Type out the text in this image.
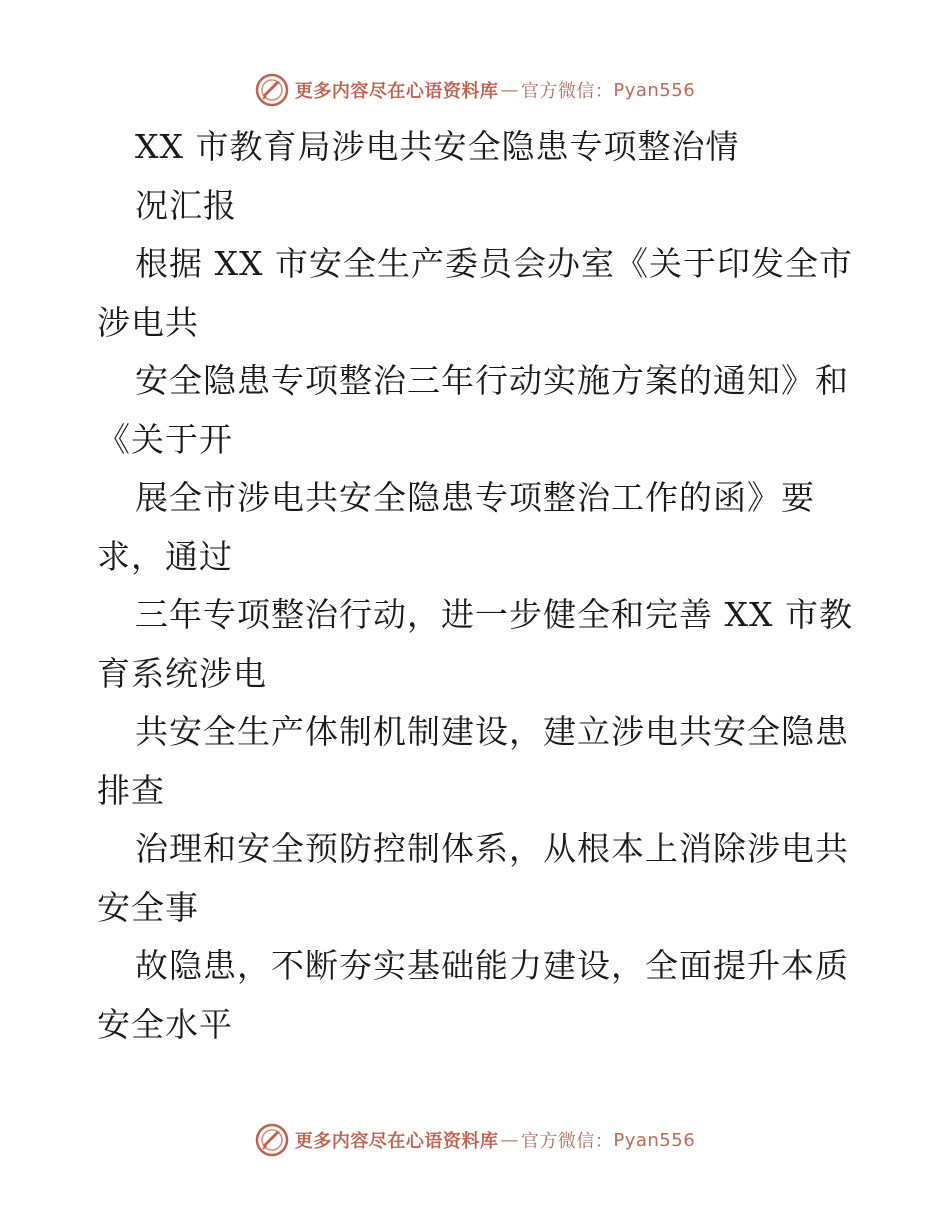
更多内容尽在心语资料库 — 官方微信： Pyan556
XX 市教育局涉电共安全隐患专项整治情
况汇报
根据 XX 市安全生产委员会办室《关于印发全市
涉电共
安全隐患专项整治三年行动实施方案的通知》和
《关于开
展全市涉电共安全隐患专项整治工作的函》要
求，通过
三年专项整治行动，进一步健全和完善 XX 市教
育系统涉电
共安全生产体制机制建设，建立涉电共安全隐患
排查
治理和安全预防控制体系，从根本上消除涉电共
安全事
故隐患，不断夯实基础能力建设，全面提升本质
安全水平
更多内容尽在心语资料库 — 官方微信： Pyan556
